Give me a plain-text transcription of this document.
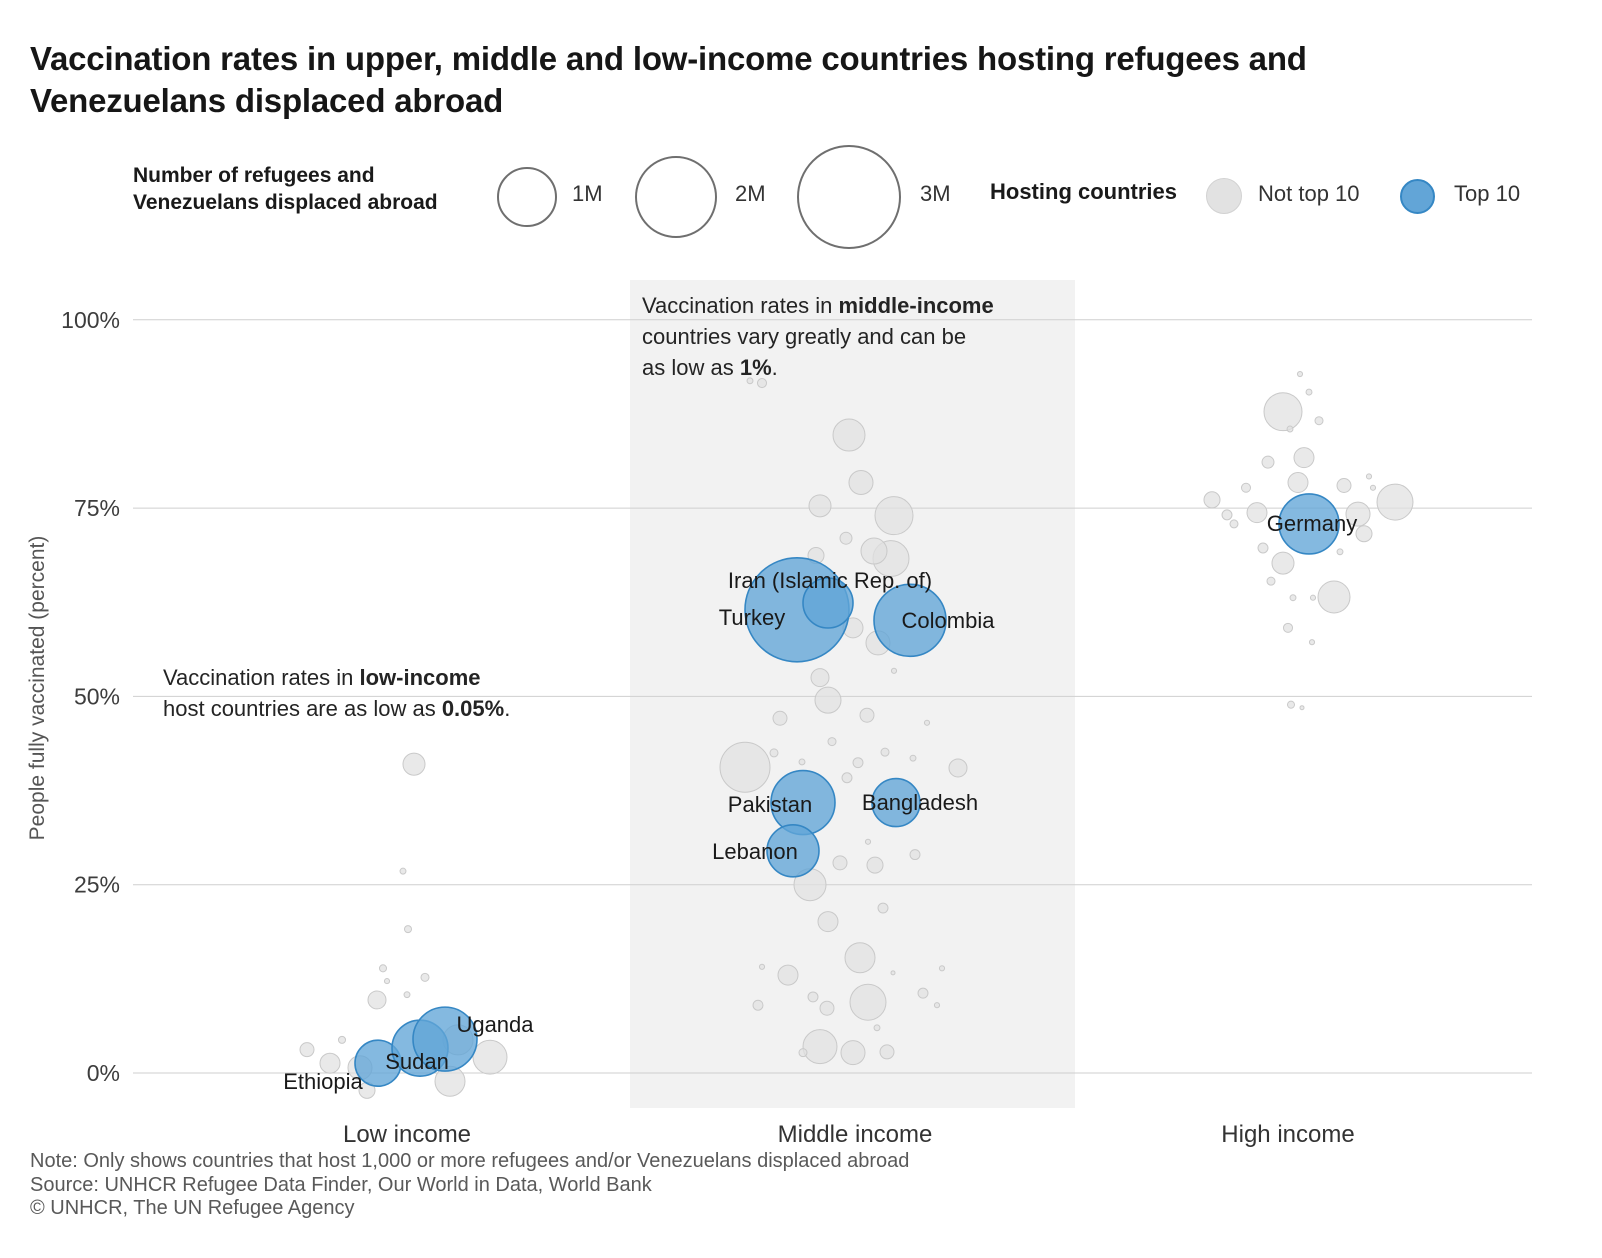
Vaccination rates in upper, middle and low-income countries hosting refugees and Venezuelans displaced abroad
Number of refugees and
Venezuelans displaced abroad	1M	2M	3M Hosting countries	Not top 10	Top 10
0%
25%
50%
75%
100%
People fully vaccinated (percent)
Low income	Middle income	High income
Ethiopia
Sudan
Uganda
Turkey
Iran (Islamic Rep. of)
Colombia
Pakistan Bangladesh
Lebanon
Germany
Vaccination rates in middle-income
countries vary greatly and can be
as low as 1%.
Vaccination rates in low-income
host countries are as low as 0.05%.
Note: Only shows countries that host 1,000 or more refugees and/or Venezuelans displaced abroad
Source: UNHCR Refugee Data Finder, Our World in Data, World Bank
© UNHCR, The UN Refugee Agency
